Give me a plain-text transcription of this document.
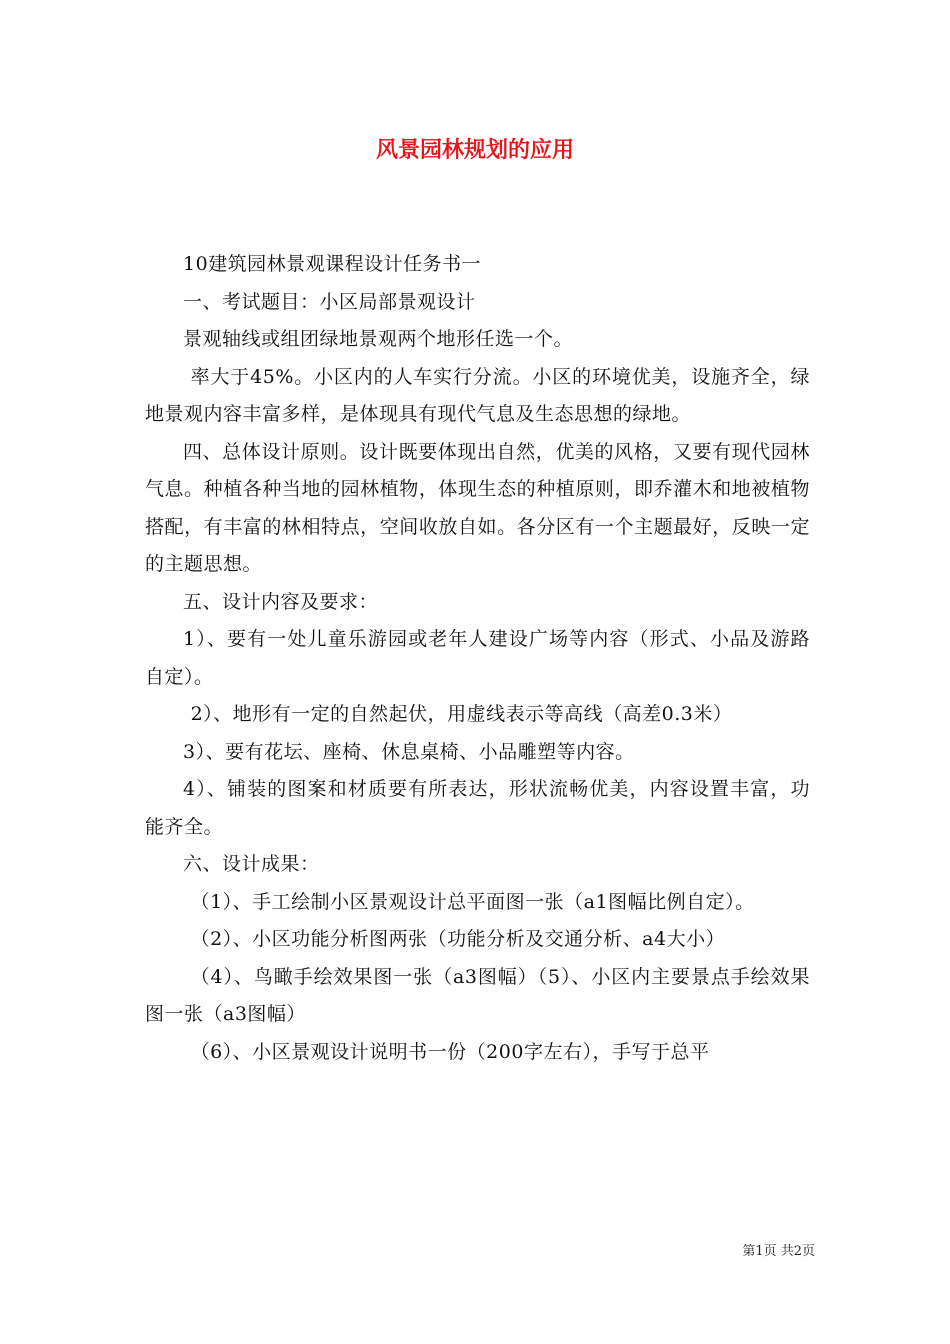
风景园林规划的应用

10建筑园林景观课程设计任务书一

一、考试题目：小区局部景观设计

景观轴线或组团绿地景观两个地形任选一个。

率大于45%。小区内的人车实行分流。小区的环境优美，设施齐全，绿地景观内容丰富多样，是体现具有现代气息及生态思想的绿地。

四、总体设计原则。设计既要体现出自然，优美的风格，又要有现代园林气息。种植各种当地的园林植物，体现生态的种植原则，即乔灌木和地被植物搭配，有丰富的林相特点，空间收放自如。各分区有一个主题最好，反映一定的主题思想。

五、设计内容及要求：

1）、要有一处儿童乐游园或老年人建设广场等内容（形式、小品及游路自定）。

2）、地形有一定的自然起伏，用虚线表示等高线（高差0.3米）

3）、要有花坛、座椅、休息桌椅、小品雕塑等内容。

4）、铺装的图案和材质要有所表达，形状流畅优美，内容设置丰富，功能齐全。

六、设计成果：

（1）、手工绘制小区景观设计总平面图一张（a1图幅比例自定）。

（2）、小区功能分析图两张（功能分析及交通分析、a4大小）

（4）、鸟瞰手绘效果图一张（a3图幅）（5）、小区内主要景点手绘效果图一张（a3图幅）

（6）、小区景观设计说明书一份（200字左右），手写于总平

第1页 共2页
